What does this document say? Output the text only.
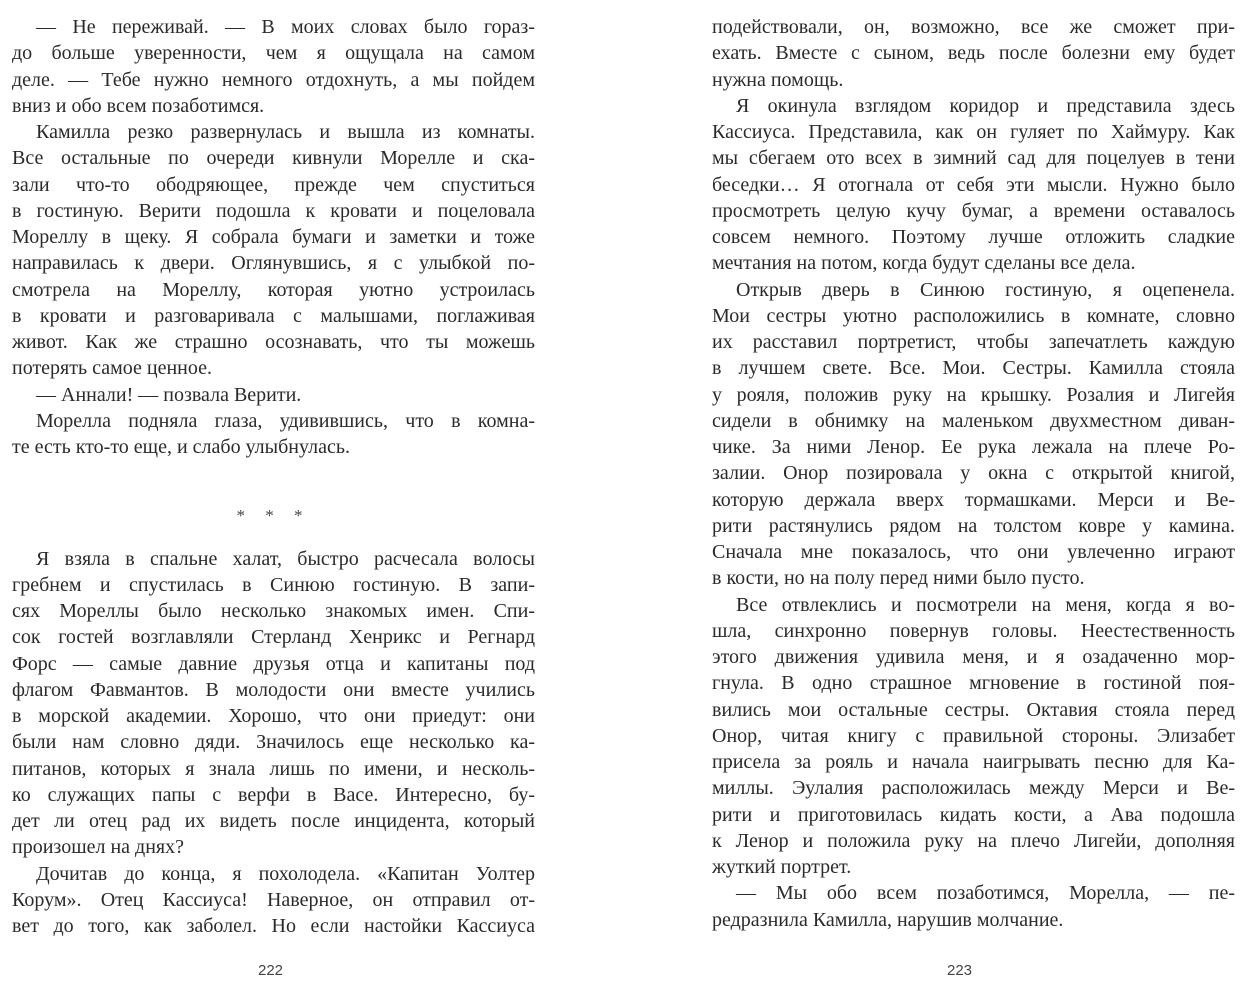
— Не переживай. — В моих словах было гораз-
до больше уверенности, чем я ощущала на самом
деле. — Тебе нужно немного отдохнуть, а мы пойдем
вниз и обо всем позаботимся.
Камилла резко развернулась и вышла из комнаты.
Все остальные по очереди кивнули Морелле и ска-
зали что-то ободряющее, прежде чем спуститься
в гостиную. Верити подошла к кровати и поцеловала
Мореллу в щеку. Я собрала бумаги и заметки и тоже
направилась к двери. Оглянувшись, я с улыбкой по-
смотрела на Мореллу, которая уютно устроилась
в кровати и разговаривала с малышами, поглаживая
живот. Как же страшно осознавать, что ты можешь
потерять самое ценное.
— Аннали! — позвала Верити.
Морелла подняла глаза, удивившись, что в комна-
те есть кто-то еще, и слабо улыбнулась.
* * *
Я взяла в спальне халат, быстро расчесала волосы
гребнем и спустилась в Синюю гостиную. В запи-
сях Мореллы было несколько знакомых имен. Спи-
сок гостей возглавляли Стерланд Хенрикс и Регнард
Форс — самые давние друзья отца и капитаны под
флагом Фавмантов. В молодости они вместе учились
в морской академии. Хорошо, что они приедут: они
были нам словно дяди. Значилось еще несколько ка-
питанов, которых я знала лишь по имени, и несколь-
ко служащих папы с верфи в Васе. Интересно, бу-
дет ли отец рад их видеть после инцидента, который
произошел на днях?
Дочитав до конца, я похолодела. «Капитан Уолтер
Корум». Отец Кассиуса! Наверное, он отправил от-
вет до того, как заболел. Но если настойки Кассиуса
подействовали, он, возможно, все же сможет при-
ехать. Вместе с сыном, ведь после болезни ему будет
нужна помощь.
Я окинула взглядом коридор и представила здесь
Кассиуса. Представила, как он гуляет по Хаймуру. Как
мы сбегаем ото всех в зимний сад для поцелуев в тени
беседки… Я отогнала от себя эти мысли. Нужно было
просмотреть целую кучу бумаг, а времени оставалось
совсем немного. Поэтому лучше отложить сладкие
мечтания на потом, когда будут сделаны все дела.
Открыв дверь в Синюю гостиную, я оцепенела.
Мои сестры уютно расположились в комнате, словно
их расставил портретист, чтобы запечатлеть каждую
в лучшем свете. Все. Мои. Сестры. Камилла стояла
у рояля, положив руку на крышку. Розалия и Лигейя
сидели в обнимку на маленьком двухместном диван-
чике. За ними Ленор. Ее рука лежала на плече Ро-
залии. Онор позировала у окна с открытой книгой,
которую держала вверх тормашками. Мерси и Ве-
рити растянулись рядом на толстом ковре у камина.
Сначала мне показалось, что они увлеченно играют
в кости, но на полу перед ними было пусто.
Все отвлеклись и посмотрели на меня, когда я во-
шла, синхронно повернув головы. Неестественность
этого движения удивила меня, и я озадаченно мор-
гнула. В одно страшное мгновение в гостиной поя-
вились мои остальные сестры. Октавия стояла перед
Онор, читая книгу с правильной стороны. Элизабет
присела за рояль и начала наигрывать песню для Ка-
миллы. Эулалия расположилась между Мерси и Ве-
рити и приготовилась кидать кости, а Ава подошла
к Ленор и положила руку на плечо Лигейи, дополняя
жуткий портрет.
— Мы обо всем позаботимся, Морелла, — пе-
редразнила Камилла, нарушив молчание.
222	223
